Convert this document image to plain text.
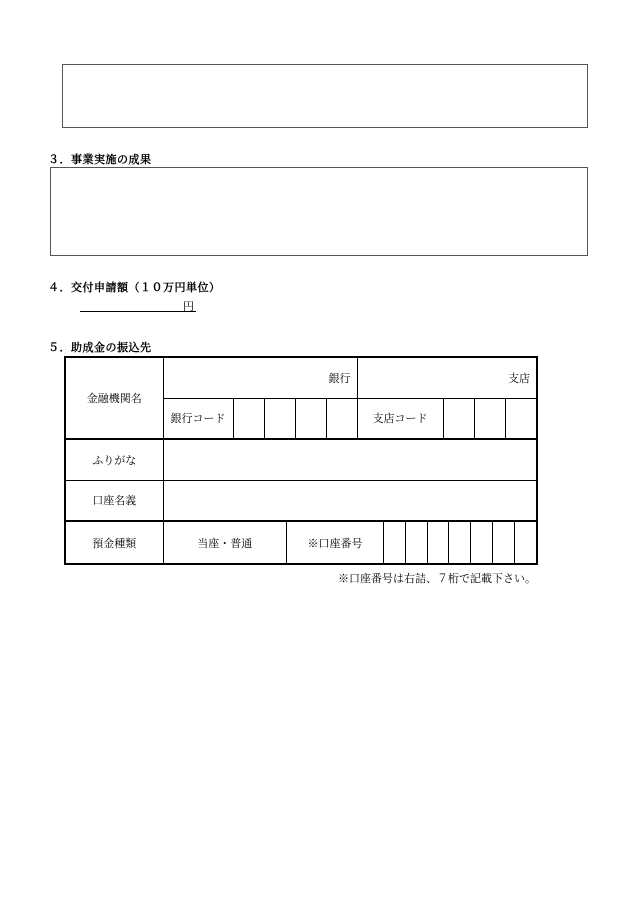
３．事業実施の成果
４．交付申請額（１０万円単位）
円
５．助成金の振込先
金融機関名	銀行	支店
銀行コード					支店コード			
ふりがな	
口座名義	
預金種類		当座・普通	※口座番号							
※口座番号は右詰、７桁で記載下さい。
